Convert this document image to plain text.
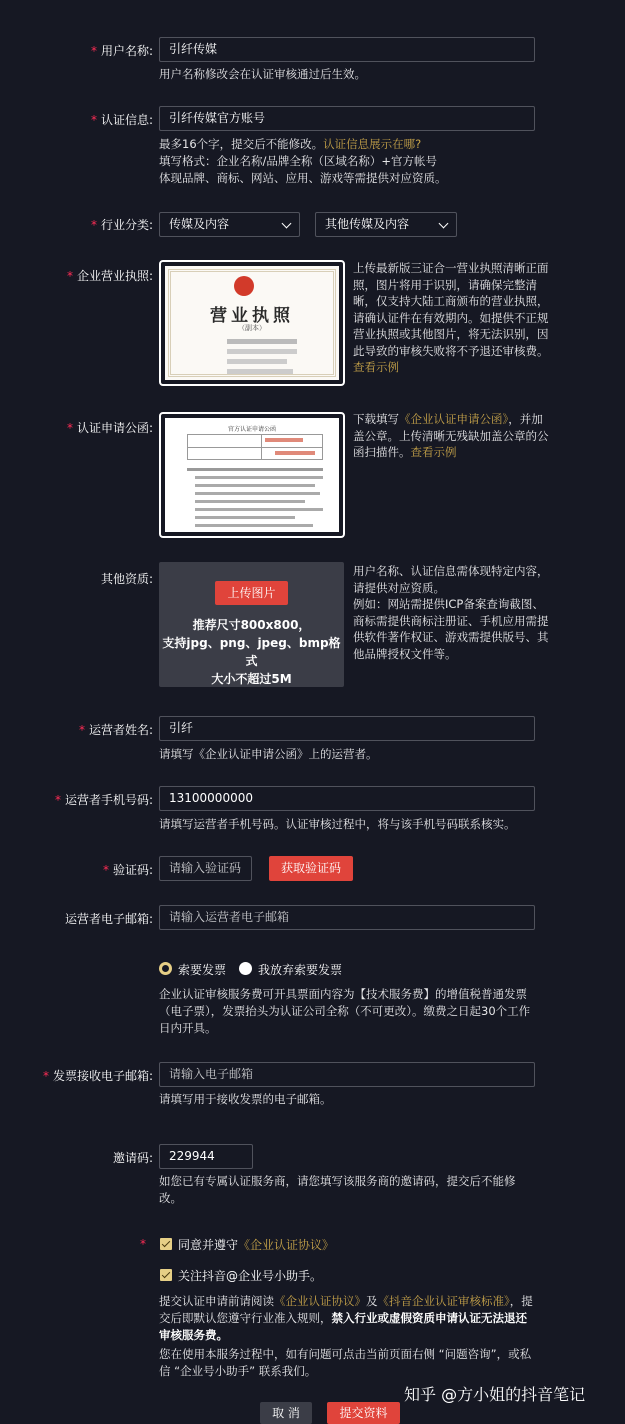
* 用户名称:	引纤传媒
用户名称修改会在认证审核通过后生效。
* 认证信息:	引纤传媒官方账号
最多16个字，提交后不能修改。认证信息展示在哪?
填写格式：企业名称/品牌全称（区域名称）+官方帐号
体现品牌、商标、网站、应用、游戏等需提供对应资质。
* 行业分类:	传媒及内容	其他传媒及内容
* 企业营业执照:
营业执照
（副本）
上传最新版三证合一营业执照清晰正面照，图片将用于识别，请确保完整清晰，仅支持大陆工商颁布的营业执照，请确认证件在有效期内。如提供不正规营业执照或其他图片，将无法识别，因此导致的审核失败将不予退还审核费。
查看示例
* 认证申请公函:	官方认证申请公函
下载填写《企业认证申请公函》，并加盖公章。上传清晰无残缺加盖公章的公函扫描件。查看示例
其他资质:
上传图片
推荐尺寸800x800，
支持jpg、png、jpeg、bmp格式
大小不超过5M
用户名称、认证信息需体现特定内容，请提供对应资质。
例如：网站需提供ICP备案查询截图、商标需提供商标注册证、手机应用需提供软件著作权证、游戏需提供版号、其他品牌授权文件等。
* 运营者姓名:	引纤
请填写《企业认证申请公函》上的运营者。
* 运营者手机号码:	13100000000
请填写运营者手机号码。认证审核过程中，将与该手机号码联系核实。
* 验证码:	请输入验证码	获取验证码
运营者电子邮箱:	请输入运营者电子邮箱
索要发票	我放弃索要发票
企业认证审核服务费可开具票面内容为【技术服务费】的增值税普通发票（电子票），发票抬头为认证公司全称（不可更改）。缴费之日起30个工作日内开具。
* 发票接收电子邮箱:	请输入电子邮箱
请填写用于接收发票的电子邮箱。
邀请码:	229944
如您已有专属认证服务商，请您填写该服务商的邀请码，提交后不能修改。
*	同意并遵守《企业认证协议》
关注抖音@企业号小助手。
提交认证申请前请阅读《企业认证协议》及《抖音企业认证审核标准》，提交后即默认您遵守行业准入规则，禁入行业或虚假资质申请认证无法退还审核服务费。
您在使用本服务过程中，如有问题可点击当前页面右侧 “问题咨询”，或私信 “企业号小助手” 联系我们。
取 消	提交资料
知乎 @方小姐的抖音笔记
